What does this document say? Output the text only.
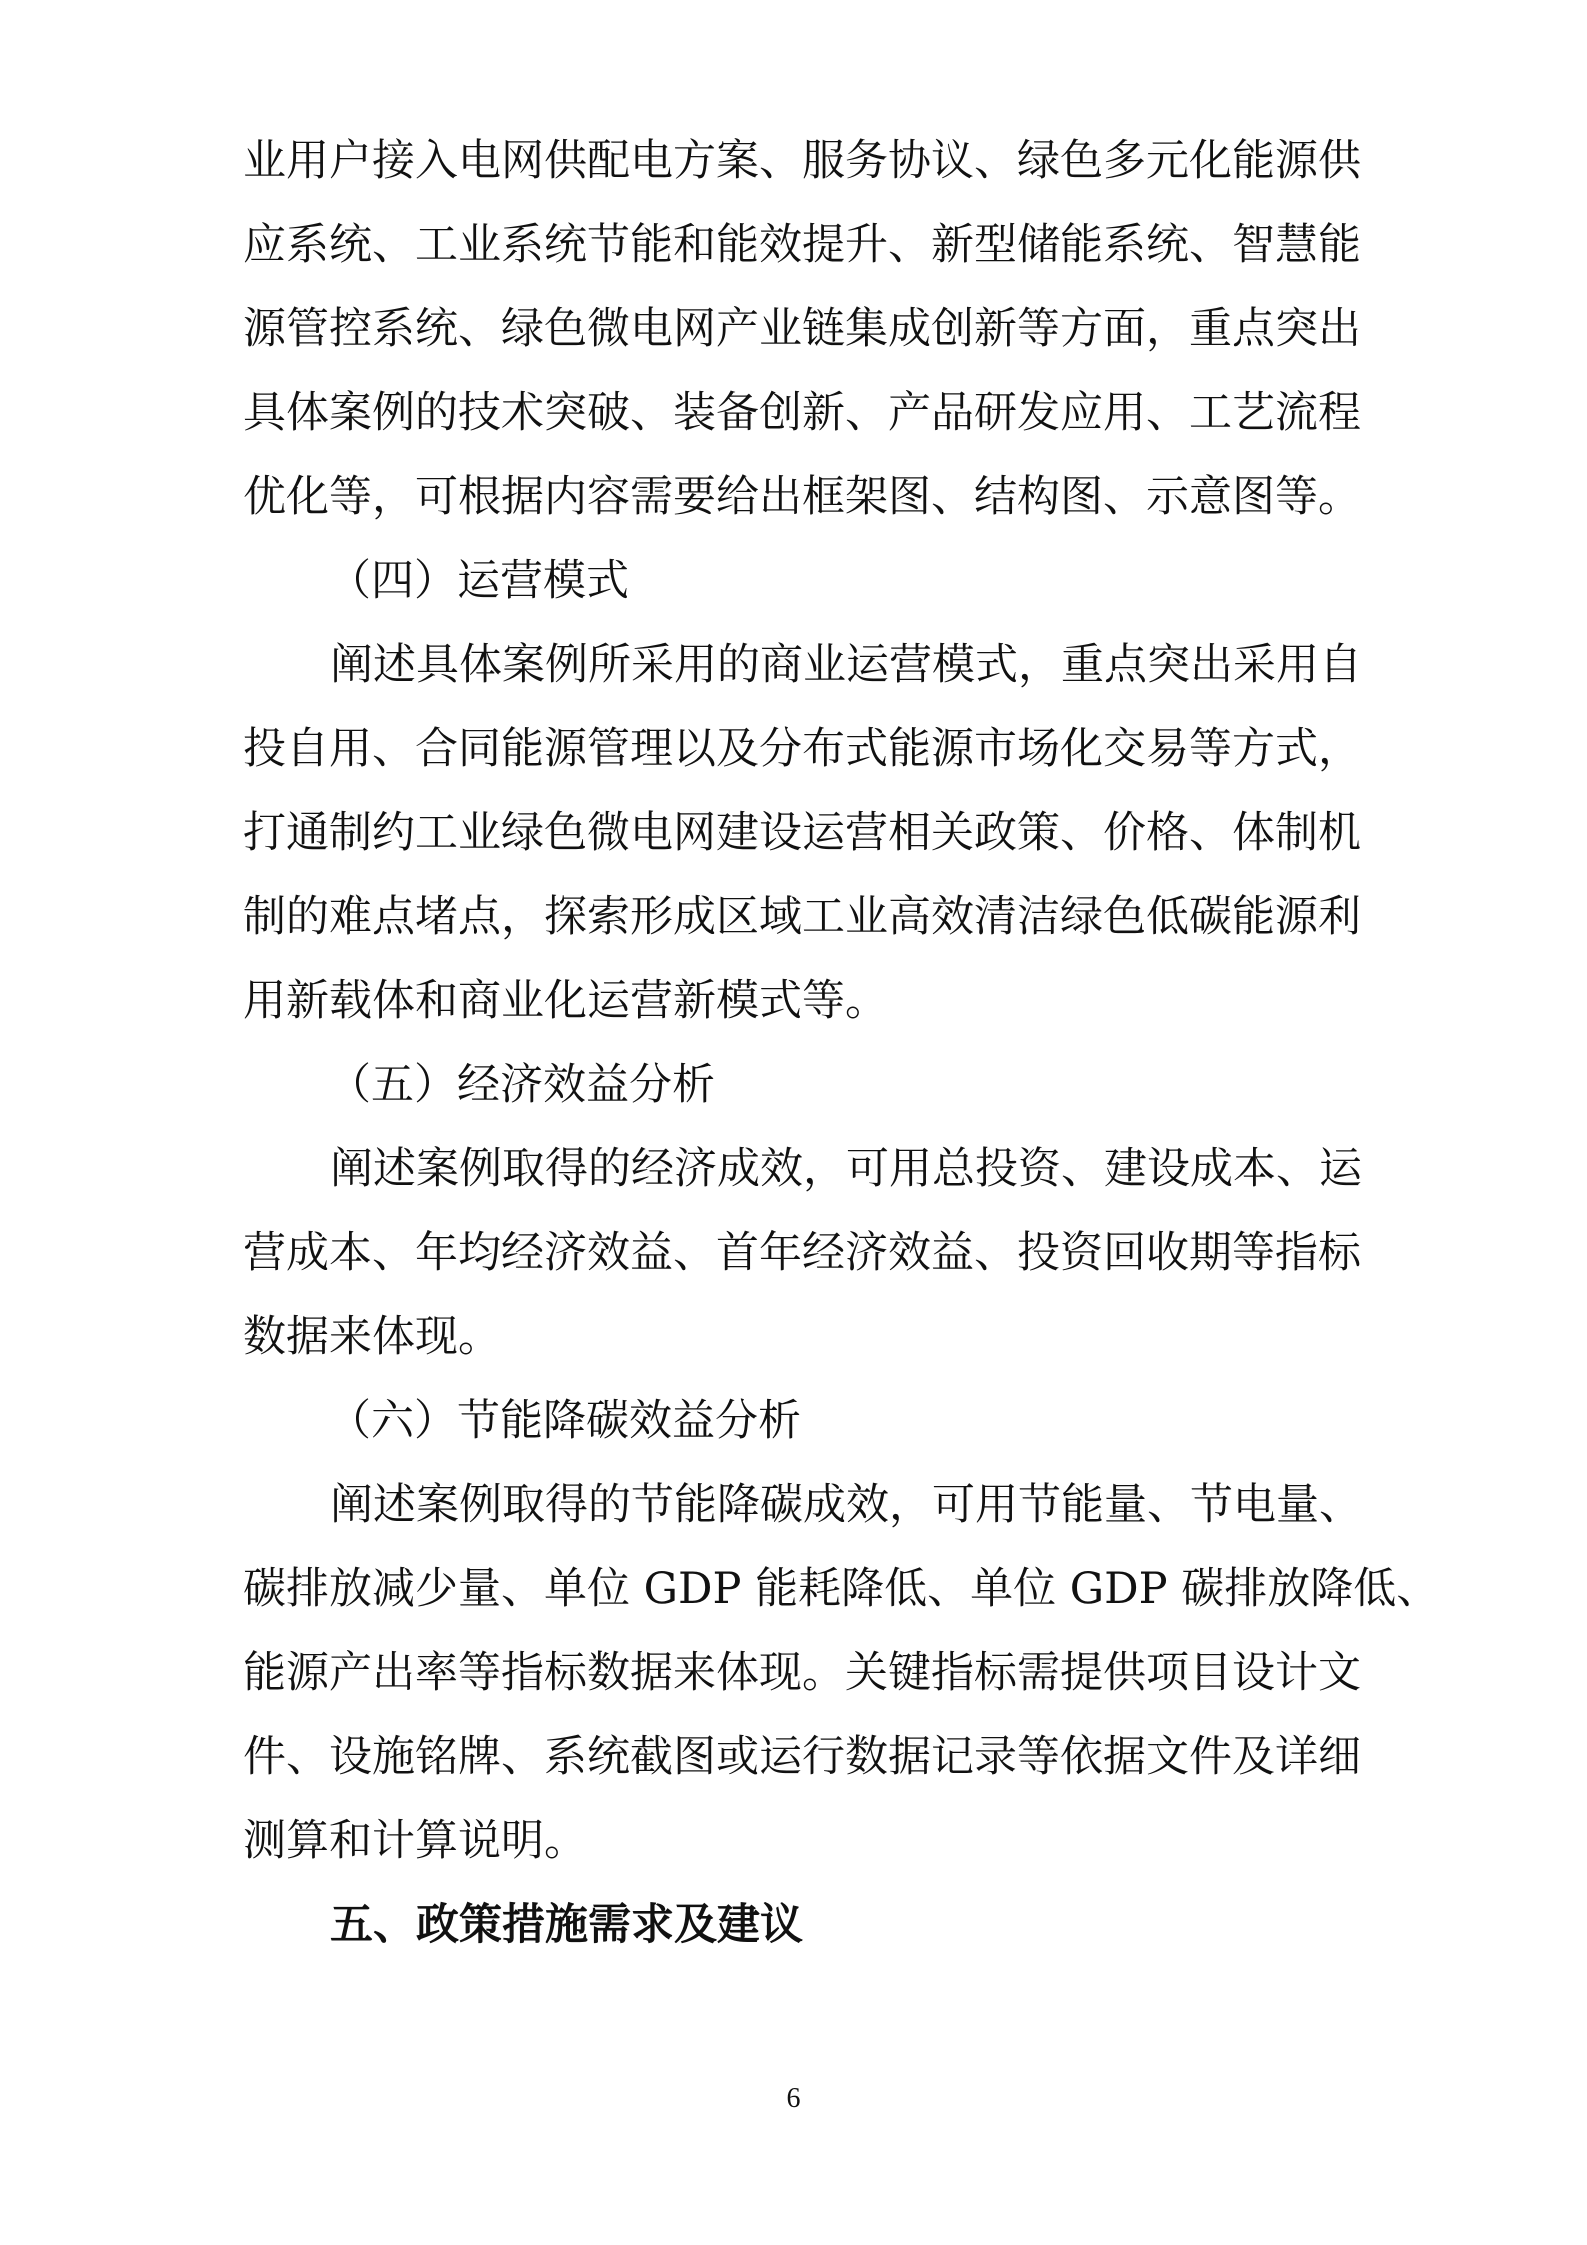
业用户接入电网供配电方案、服务协议、绿色多元化能源供
应系统、工业系统节能和能效提升、新型储能系统、智慧能
源管控系统、绿色微电网产业链集成创新等方面，重点突出
具体案例的技术突破、装备创新、产品研发应用、工艺流程
优化等，可根据内容需要给出框架图、结构图、示意图等。
（四）运营模式
阐述具体案例所采用的商业运营模式，重点突出采用自
投自用、合同能源管理以及分布式能源市场化交易等方式，
打通制约工业绿色微电网建设运营相关政策、价格、体制机
制的难点堵点，探索形成区域工业高效清洁绿色低碳能源利
用新载体和商业化运营新模式等。
（五）经济效益分析
阐述案例取得的经济成效，可用总投资、建设成本、运
营成本、年均经济效益、首年经济效益、投资回收期等指标
数据来体现。
（六）节能降碳效益分析
阐述案例取得的节能降碳成效，可用节能量、节电量、
碳排放减少量、单位 GDP 能耗降低、单位 GDP 碳排放降低、
能源产出率等指标数据来体现。关键指标需提供项目设计文
件、设施铭牌、系统截图或运行数据记录等依据文件及详细
测算和计算说明。
五、政策措施需求及建议
6
